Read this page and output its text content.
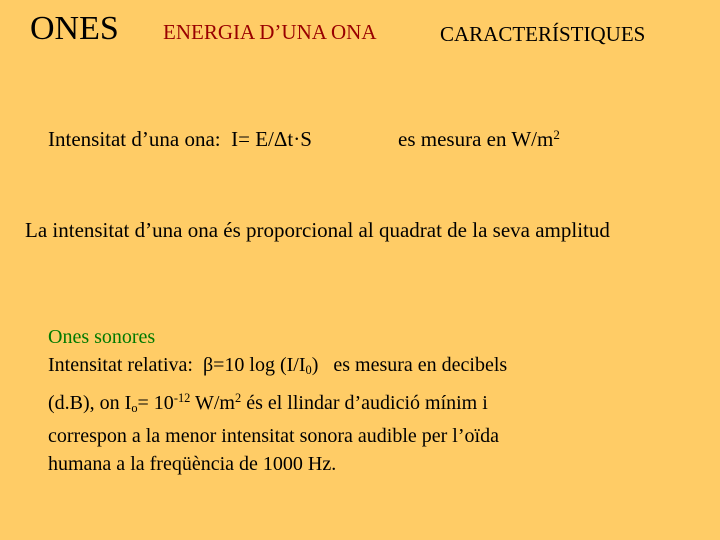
ONES ENERGIA D’UNA ONA	CARACTERÍSTIQUES
Intensitat d’una ona: I= E/Δt·S	es mesura en $W/m^2$
La intensitat d’una ona és proporcional al quadrat de la seva amplitud
Ones sonores
Intensitat relativa: β=10 $\log (I/I_0)$ es mesura en decibels
(d.B), on $I_o= 10^{-12}$ $W/m^2$ és el llindar d’audició mínim i
correspon a la menor intensitat sonora audible per l’oïda
humana a la freqüència de 1000 Hz.
